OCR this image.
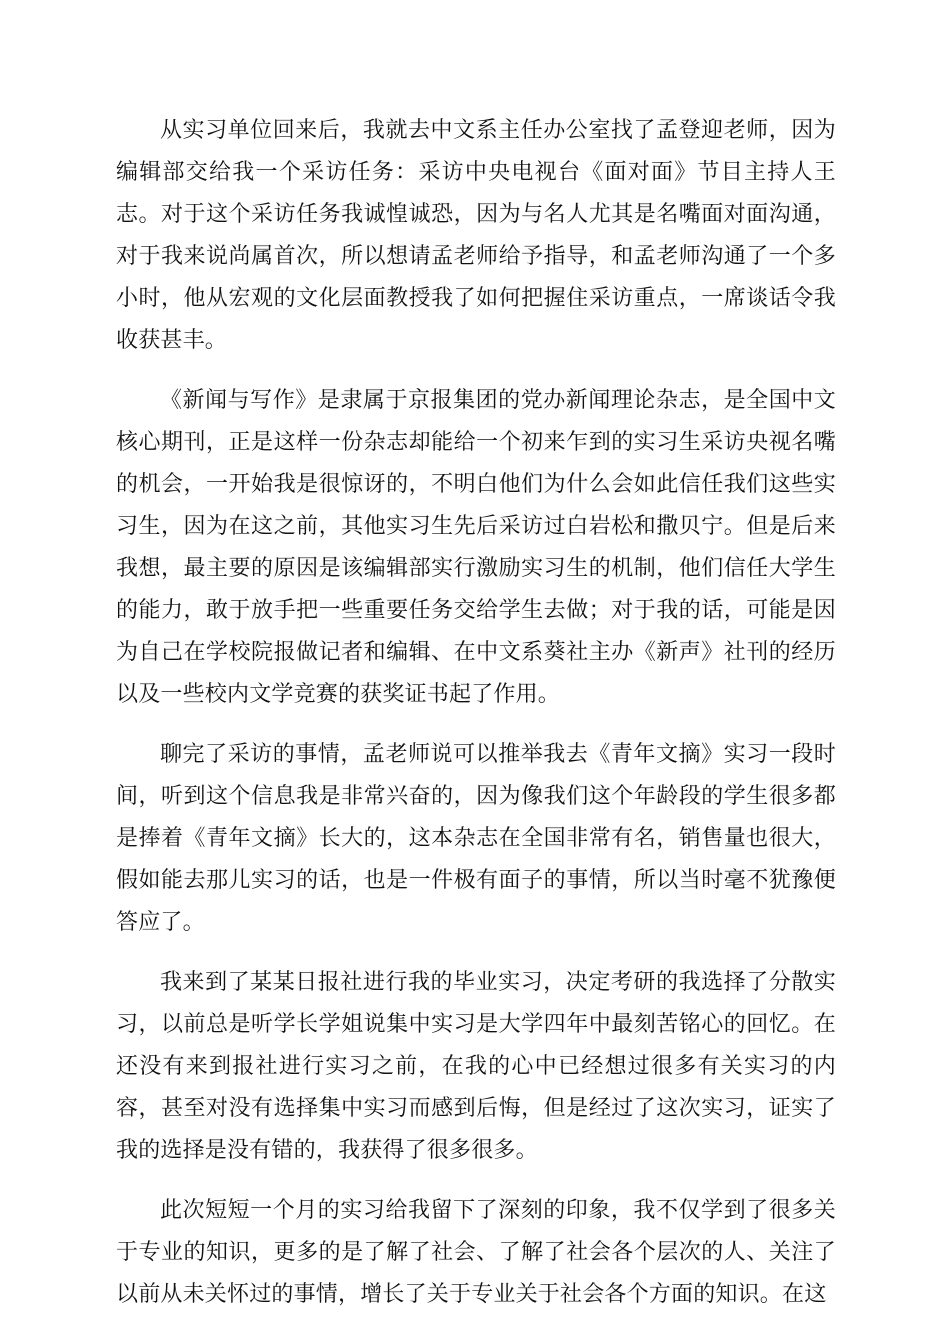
从实习单位回来后，我就去中文系主任办公室找了孟登迎老师，因为编辑部交给我一个采访任务：采访中央电视台《面对面》节目主持人王志。对于这个采访任务我诚惶诚恐，因为与名人尤其是名嘴面对面沟通，对于我来说尚属首次，所以想请孟老师给予指导，和孟老师沟通了一个多小时，他从宏观的文化层面教授我了如何把握住采访重点，一席谈话令我收获甚丰。

《新闻与写作》是隶属于京报集团的党办新闻理论杂志，是全国中文核心期刊，正是这样一份杂志却能给一个初来乍到的实习生采访央视名嘴的机会，一开始我是很惊讶的，不明白他们为什么会如此信任我们这些实习生，因为在这之前，其他实习生先后采访过白岩松和撒贝宁。但是后来我想，最主要的原因是该编辑部实行激励实习生的机制，他们信任大学生的能力，敢于放手把一些重要任务交给学生去做；对于我的话，可能是因为自己在学校院报做记者和编辑、在中文系葵社主办《新声》社刊的经历以及一些校内文学竞赛的获奖证书起了作用。

聊完了采访的事情，孟老师说可以推举我去《青年文摘》实习一段时间，听到这个信息我是非常兴奋的，因为像我们这个年龄段的学生很多都是捧着《青年文摘》长大的，这本杂志在全国非常有名，销售量也很大，假如能去那儿实习的话，也是一件极有面子的事情，所以当时毫不犹豫便答应了。

我来到了某某日报社进行我的毕业实习，决定考研的我选择了分散实习，以前总是听学长学姐说集中实习是大学四年中最刻苦铭心的回忆。在还没有来到报社进行实习之前，在我的心中已经想过很多有关实习的内容，甚至对没有选择集中实习而感到后悔，但是经过了这次实习，证实了我的选择是没有错的，我获得了很多很多。

此次短短一个月的实习给我留下了深刻的印象，我不仅学到了很多关于专业的知识，更多的是了解了社会、了解了社会各个层次的人、关注了以前从未关怀过的事情，增长了关于专业关于社会各个方面的知识。在这
